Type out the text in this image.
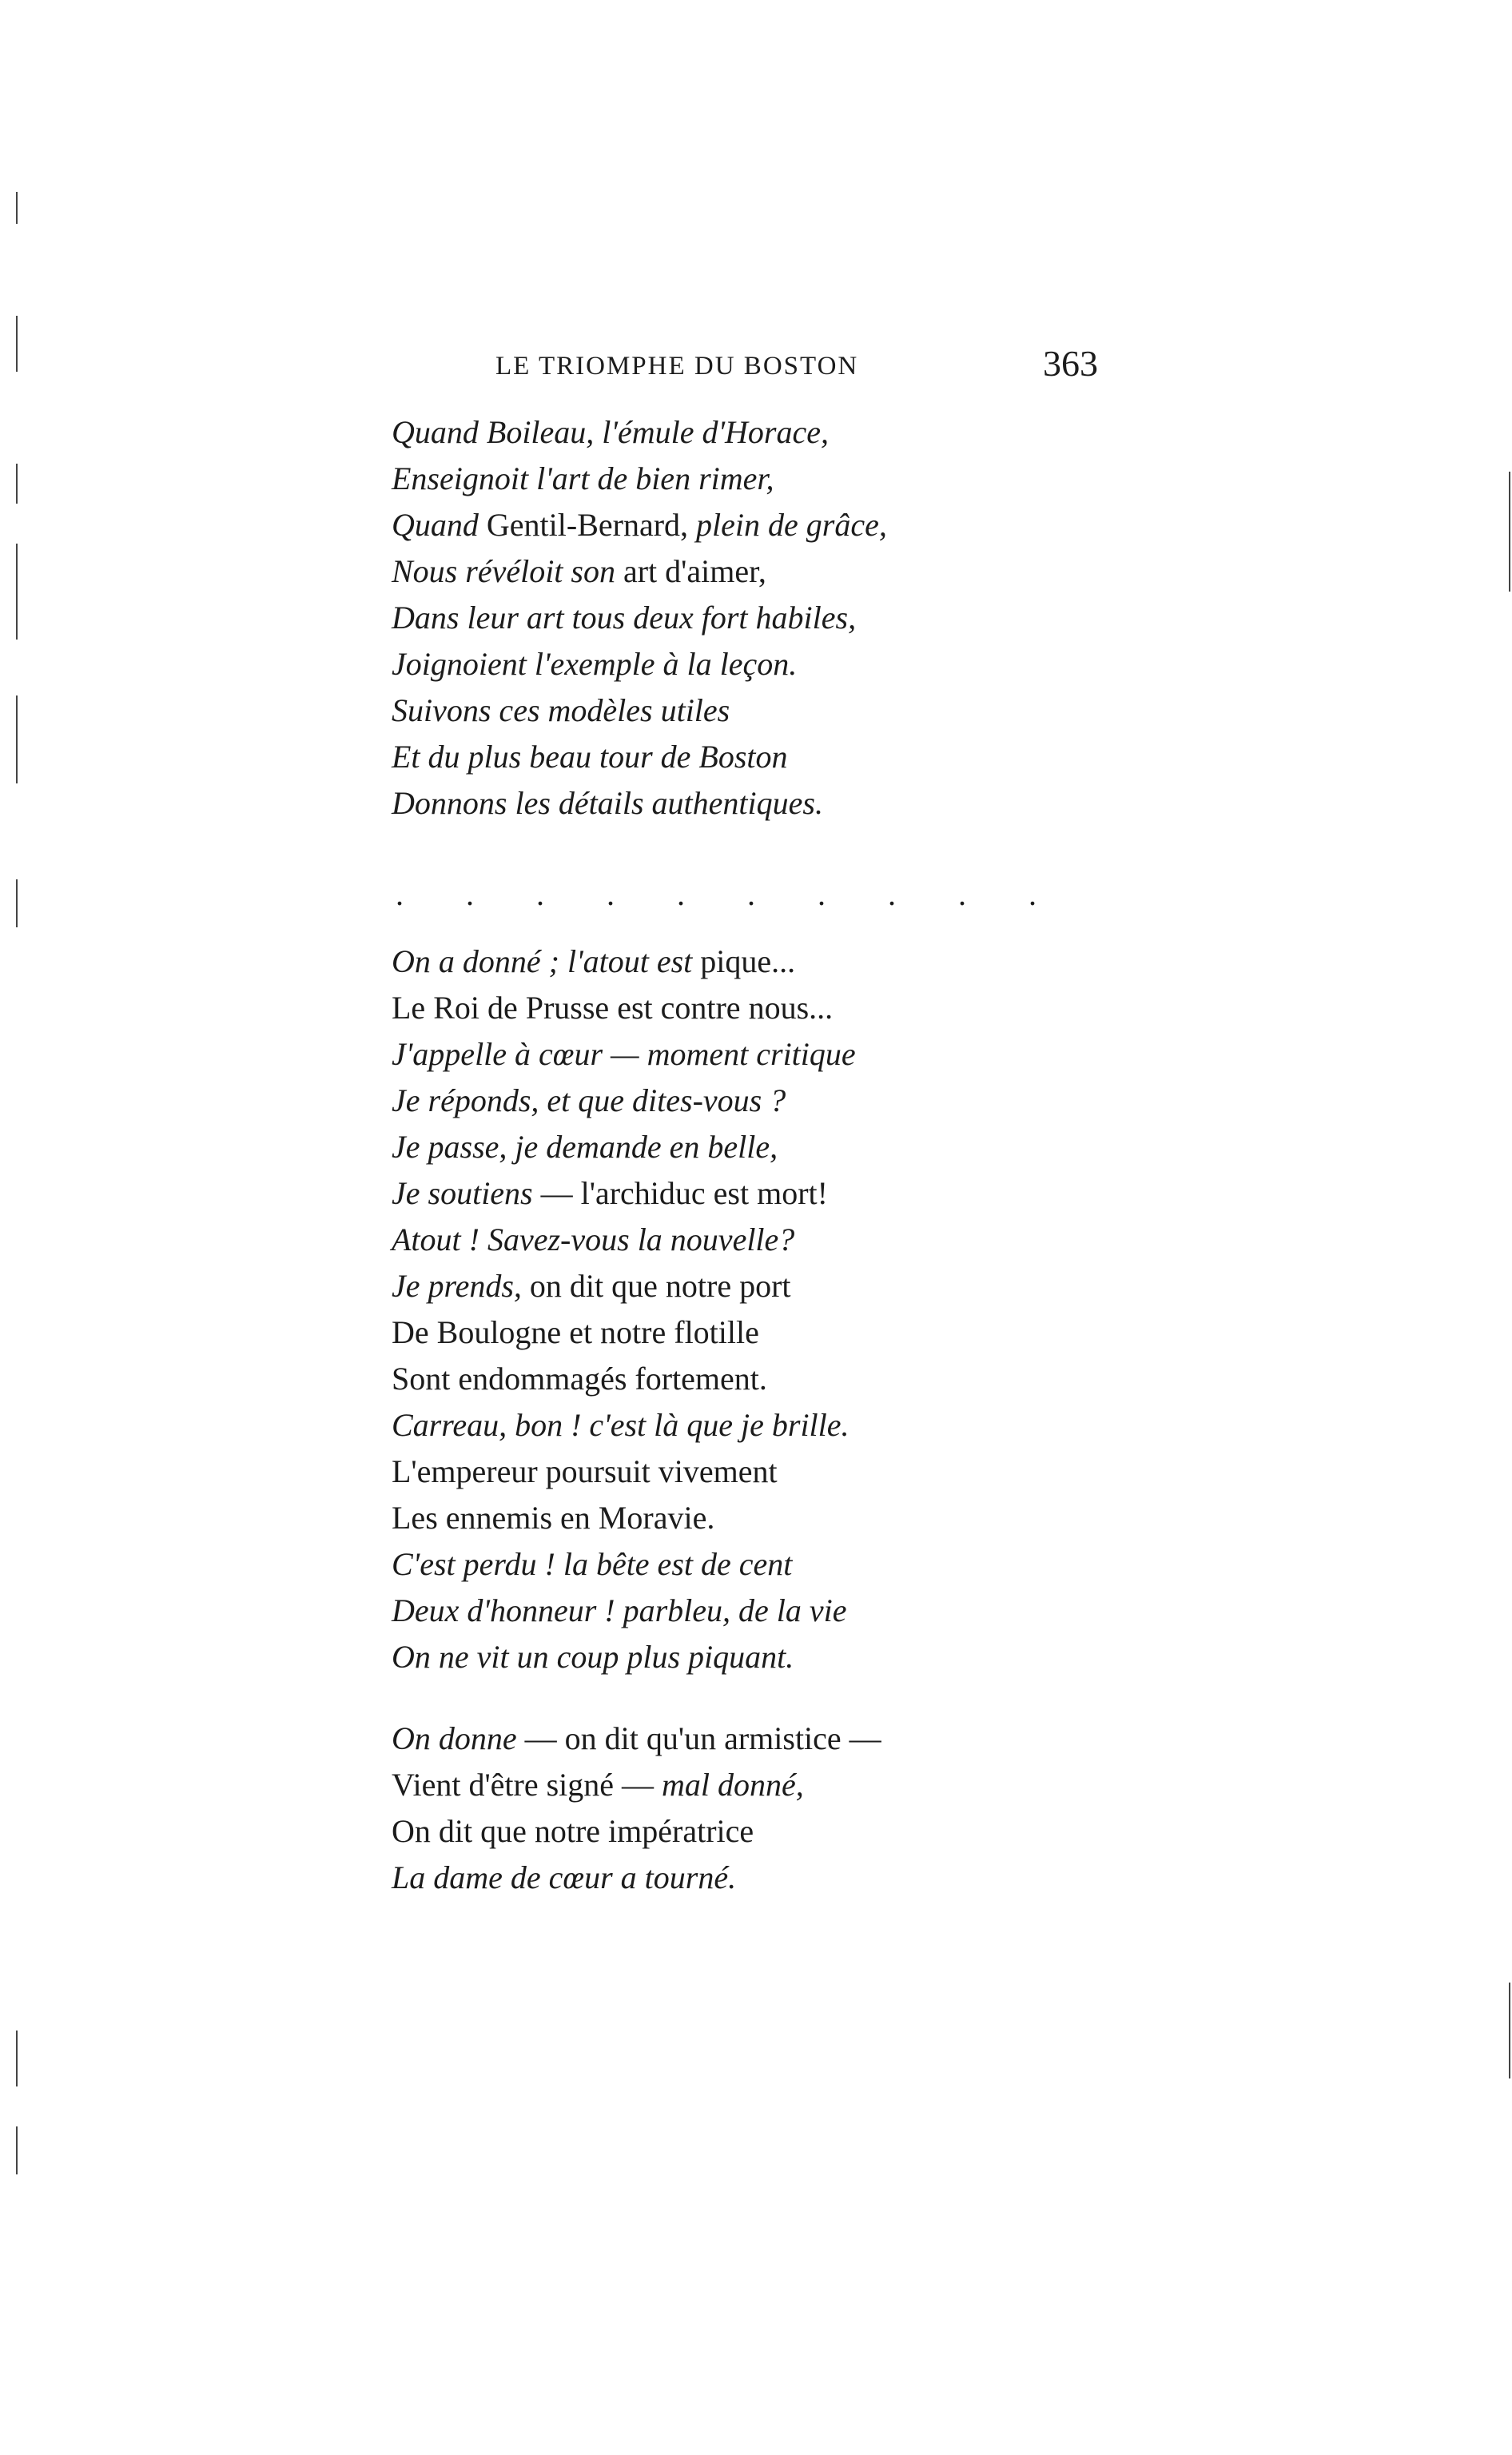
LE TRIOMPHE DU BOSTON	363
Quand Boileau, l'émule d'Horace,
Enseignoit l'art de bien rimer,
Quand Gentil-Bernard, plein de grâce,
Nous révéloit son art d'aimer,
Dans leur art tous deux fort habiles,
Joignoient l'exemple à la leçon.
Suivons ces modèles utiles
Et du plus beau tour de Boston
Donnons les détails authentiques.
. . . . . . . . . .
On a donné ; l'atout est pique...
Le Roi de Prusse est contre nous...
J'appelle à cœur — moment critique
Je réponds, et que dites-vous ?
Je passe, je demande en belle,
Je soutiens — l'archiduc est mort!
Atout ! Savez-vous la nouvelle?
Je prends, on dit que notre port
De Boulogne et notre flotille
Sont endommagés fortement.
Carreau, bon ! c'est là que je brille.
L'empereur poursuit vivement
Les ennemis en Moravie.
C'est perdu ! la bête est de cent
Deux d'honneur ! parbleu, de la vie
On ne vit un coup plus piquant.
On donne — on dit qu'un armistice —
Vient d'être signé — mal donné,
On dit que notre impératrice
La dame de cœur a tourné.
